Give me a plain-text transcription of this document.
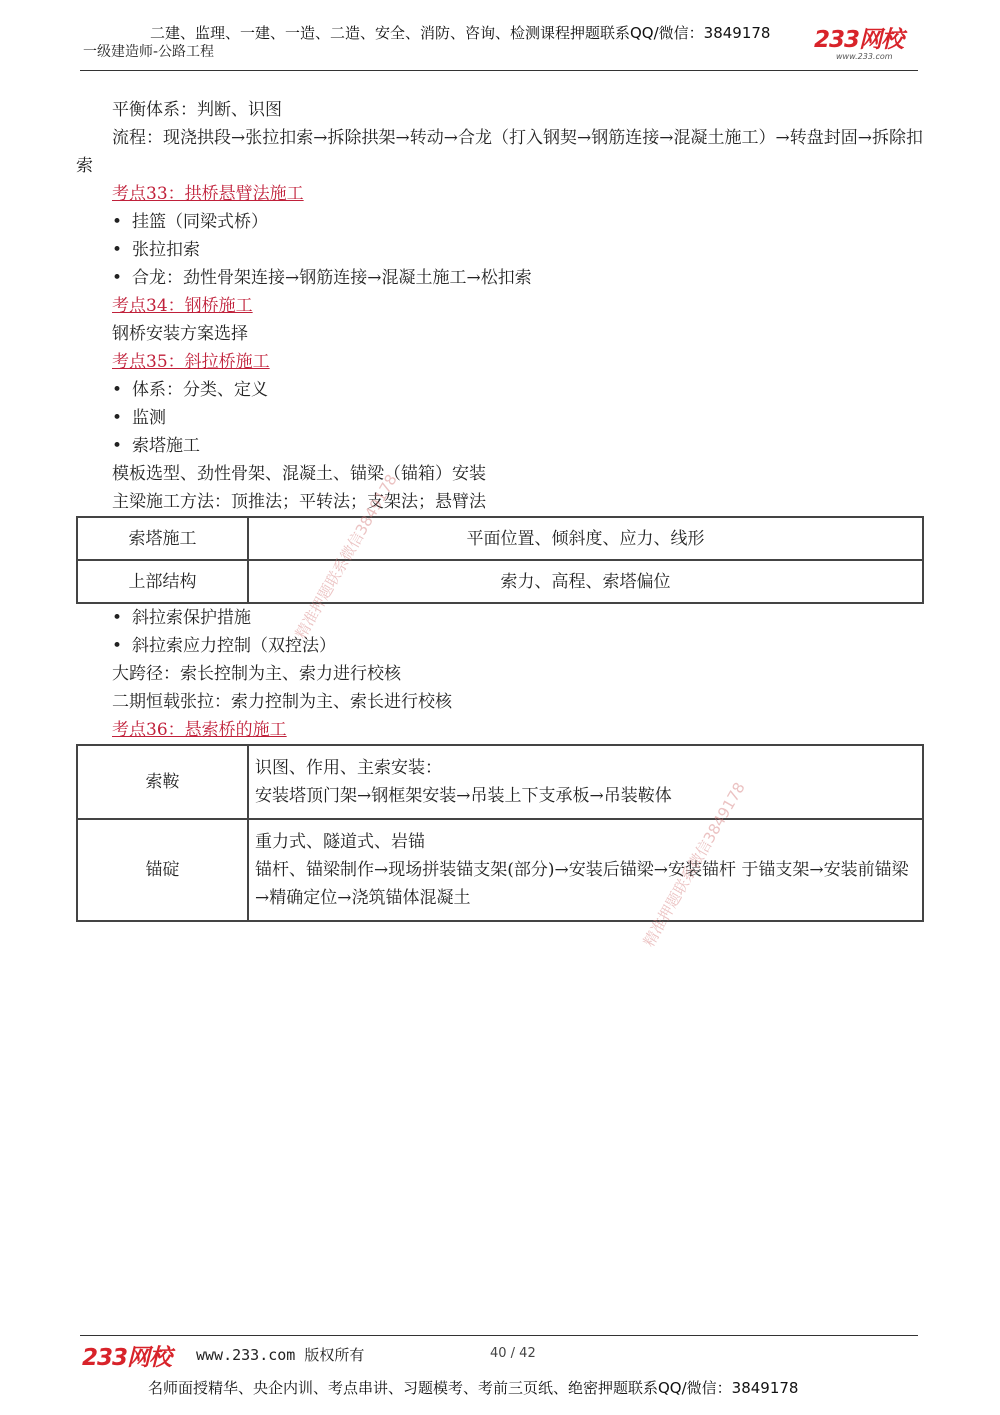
二建、监理、一建、一造、二造、安全、消防、咨询、检测课程押题联系QQ/微信：3849178
一级建造师-公路工程	233网校
www.233.com

平衡体系：判断、识图

流程：现浇拱段→张拉扣索→拆除拱架→转动→合龙（打入钢契→钢筋连接→混凝土施工）→转盘封固→拆除扣索

考点33：拱桥悬臂法施工

• 挂篮（同梁式桥）

• 张拉扣索

• 合龙：劲性骨架连接→钢筋连接→混凝土施工→松扣索

考点34：钢桥施工

钢桥安装方案选择

考点35：斜拉桥施工

• 体系：分类、定义

• 监测

• 索塔施工

模板选型、劲性骨架、混凝土、锚梁（锚箱）安装

主梁施工方法：顶推法；平转法；支架法；悬臂法

索塔施工	平面位置、倾斜度、应力、线形
上部结构	索力、高程、索塔偏位

• 斜拉索保护措施

• 斜拉索应力控制（双控法）

大跨径：索长控制为主、索力进行校核

二期恒载张拉：索力控制为主、索长进行校核

考点36：悬索桥的施工

索鞍	识图、作用、主索安装：
安装塔顶门架→钢框架安装→吊装上下支承板→吊装鞍体

锚碇	重力式、隧道式、岩锚
锚杆、锚梁制作→现场拼装锚支架(部分)→安装后锚梁→安装锚杆 于锚支架→安装前锚梁→精确定位→浇筑锚体混凝土
精准押题联系微信3849178
精准押题联系微信3849178
233网校 www.233.com 版权所有	40 / 42
名师面授精华、央企内训、考点串讲、习题模考、考前三页纸、绝密押题联系QQ/微信：3849178
